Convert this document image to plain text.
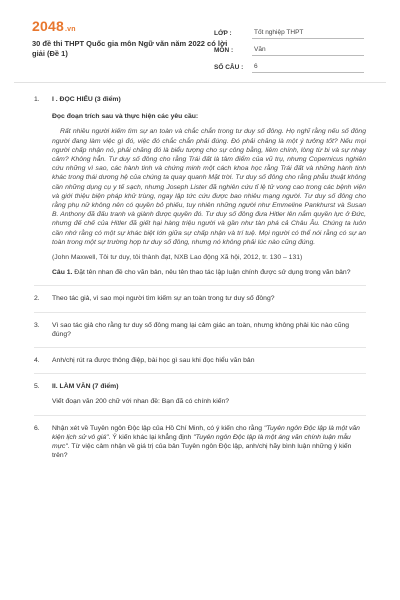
2048.vn
30 đề thi THPT Quốc gia môn Ngữ văn năm 2022 có lời giải (Đề 1)
LỚP :	Tốt nghiệp THPT
MÔN :	Văn
SỐ CÂU :	6
1. I . ĐỌC HIỂU (3 điểm)
Đọc đoạn trích sau và thực hiện các yêu cầu:
Rất nhiều người kiếm tìm sự an toàn và chắc chắn trong tư duy số đông. Họ nghĩ rằng nếu số đông người đang làm việc gì đó, việc đó chắc chắn phải đúng. Đó phải chăng là một ý tưởng tốt? Nếu mọi người chấp nhận nó, phải chăng đó là biểu tượng cho sự công bằng, liêm chính, lòng từ bi và sự nhạy cảm? Không hẳn. Tư duy số đông cho rằng Trái đất là tâm điểm của vũ trụ, nhưng Copernicus nghiên cứu những vì sao, các hành tinh và chứng minh một cách khoa học rằng Trái đất và những hành tinh khác trong thái dương hệ của chúng ta quay quanh Mặt trời. Tư duy số đông cho rằng phẫu thuật không cần những dụng cụ y tế sạch, nhưng Joseph Lister đã nghiên cứu tỉ lệ tử vong cao trong các bệnh viện và giới thiệu biện pháp khử trùng, ngay lập tức cứu được bao nhiêu mạng người. Tư duy số đông cho rằng phụ nữ không nên có quyền bỏ phiếu, tuy nhiên những người như Emmeline Pankhurst và Susan B. Anthony đã đấu tranh và giành được quyền đó. Tư duy số đông đưa Hitler lên nắm quyền lực ở Đức, nhưng đế chế của Hitler đã giết hại hàng triệu người và gần như tàn phá cả Châu Âu. Chúng ta luôn cần nhớ rằng có một sự khác biệt lớn giữa sự chấp nhận và trí tuệ. Mọi người có thể nói rằng có sự an toàn trong một sự trường hợp tư duy số đông, nhưng nó không phải lúc nào cũng đúng.
(John Maxwell, Tôi tư duy, tôi thành đạt, NXB Lao động Xã hội, 2012, tr. 130 – 131)
Câu 1. Đặt tên nhan đề cho văn bản, nêu tên thao tác lập luận chính được sử dụng trong văn bản?
2. Theo tác giả, vì sao mọi người tìm kiếm sự an toàn trong tư duy số đông?
3. Vì sao tác giả cho rằng tư duy số đông mang lại cảm giác an toàn, nhưng không phải lúc nào cũng đúng?
4. Anh/chị rút ra được thông điệp, bài học gì sau khi đọc hiểu văn bản
5. II. LÀM VĂN (7 điểm)
Viết đoạn văn 200 chữ với nhan đề: Bạn đã có chính kiến?
6. Nhận xét về Tuyên ngôn Độc lập của Hồ Chí Minh, có ý kiến cho rằng "Tuyên ngôn Độc lập là một văn kiện lịch sử vô giá". Ý kiến khác lại khẳng định "Tuyên ngôn Độc lập là một áng văn chính luận mẫu mực". Từ việc cảm nhận về giá trị của bản Tuyên ngôn Độc lập, anh/chị hãy bình luận những ý kiến trên?
